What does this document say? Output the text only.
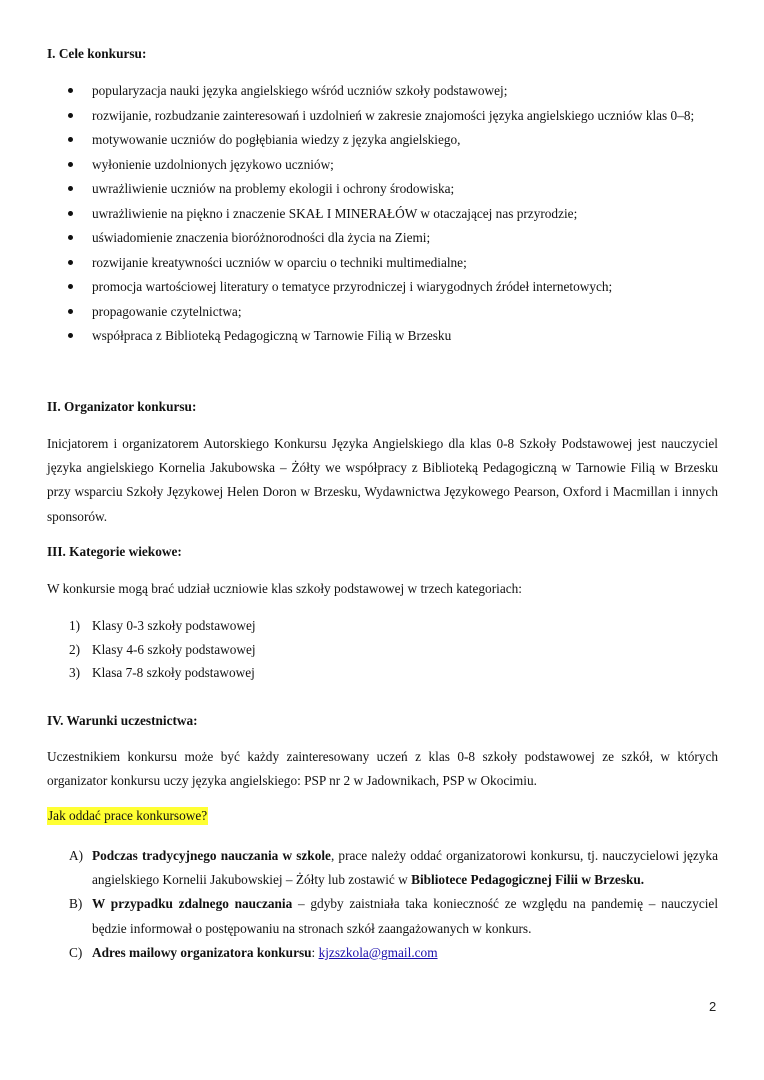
I. Cele konkursu:
popularyzacja nauki języka angielskiego wśród uczniów szkoły podstawowej;
rozwijanie, rozbudzanie zainteresowań i uzdolnień w zakresie znajomości języka angielskiego uczniów klas 0–8;
motywowanie uczniów do pogłębiania wiedzy z języka angielskiego,
wyłonienie uzdolnionych językowo uczniów;
uwrażliwienie uczniów na problemy ekologii i ochrony środowiska;
uwrażliwienie na piękno i znaczenie SKAŁ I MINERAŁÓW w otaczającej nas przyrodzie;
uświadomienie znaczenia bioróżnorodności dla życia na Ziemi;
rozwijanie kreatywności uczniów w oparciu o techniki multimedialne;
promocja wartościowej literatury o tematyce przyrodniczej i wiarygodnych źródeł internetowych;
propagowanie czytelnictwa;
współpraca z Biblioteką Pedagogiczną w Tarnowie Filią w Brzesku
II. Organizator konkursu:

Inicjatorem i organizatorem Autorskiego Konkursu Języka Angielskiego dla klas 0-8 Szkoły Podstawowej jest nauczyciel języka angielskiego Kornelia Jakubowska – Żółty we współpracy z Biblioteką Pedagogiczną w Tarnowie Filią w Brzesku przy wsparciu Szkoły Językowej Helen Doron w Brzesku, Wydawnictwa Językowego Pearson, Oxford i Macmillan i innych sponsorów.

III. Kategorie wiekowe:

W konkursie mogą brać udział uczniowie klas szkoły podstawowej w trzech kategoriach:

1) Klasy 0-3 szkoły podstawowej
2) Klasy 4-6 szkoły podstawowej
3) Klasa 7-8 szkoły podstawowej
IV. Warunki uczestnictwa:

Uczestnikiem konkursu może być każdy zainteresowany uczeń z klas 0-8 szkoły podstawowej ze szkół, w których organizator konkursu uczy języka angielskiego: PSP nr 2 w Jadownikach, PSP w Okocimiu.

Jak oddać prace konkursowe?
A) Podczas tradycyjnego nauczania w szkole, prace należy oddać organizatorowi konkursu, tj. nauczycielowi języka angielskiego Kornelii Jakubowskiej – Żółty lub zostawić w Bibliotece Pedagogicznej Filii w Brzesku.
B) W przypadku zdalnego nauczania – gdyby zaistniała taka konieczność ze względu na pandemię – nauczyciel będzie informował o postępowaniu na stronach szkół zaangażowanych w konkurs.
C) Adres mailowy organizatora konkursu: kjzszkola@gmail.com
2
